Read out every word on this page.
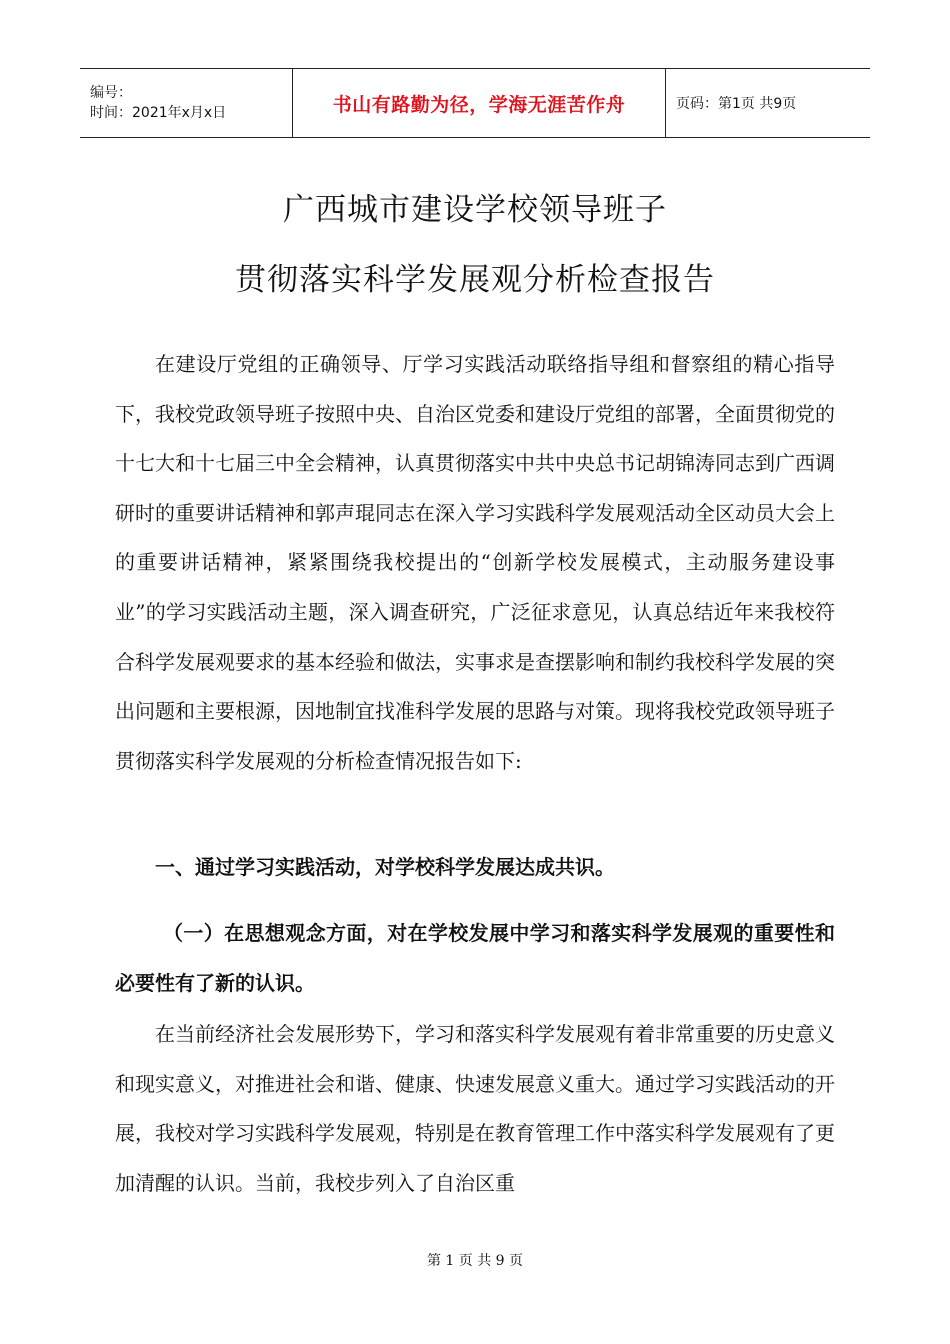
编号：
时间：2021年x月x日	书山有路勤为径，学海无涯苦作舟	页码：第1页 共9页
广西城市建设学校领导班子
贯彻落实科学发展观分析检查报告

在建设厅党组的正确领导、厅学习实践活动联络指导组和督察组的精心指导下，我校党政领导班子按照中央、自治区党委和建设厅党组的部署，全面贯彻党的十七大和十七届三中全会精神，认真贯彻落实中共中央总书记胡锦涛同志到广西调研时的重要讲话精神和郭声琨同志在深入学习实践科学发展观活动全区动员大会上的重要讲话精神，紧紧围绕我校提出的“创新学校发展模式，主动服务建设事业”的学习实践活动主题，深入调查研究，广泛征求意见，认真总结近年来我校符合科学发展观要求的基本经验和做法，实事求是查摆影响和制约我校科学发展的突出问题和主要根源，因地制宜找准科学发展的思路与对策。现将我校党政领导班子贯彻落实科学发展观的分析检查情况报告如下:

一、通过学习实践活动，对学校科学发展达成共识。

（一）在思想观念方面，对在学校发展中学习和落实科学发展观的重要性和必要性有了新的认识。

在当前经济社会发展形势下，学习和落实科学发展观有着非常重要的历史意义和现实意义，对推进社会和谐、健康、快速发展意义重大。通过学习实践活动的开展，我校对学习实践科学发展观，特别是在教育管理工作中落实科学发展观有了更加清醒的认识。当前，我校步列入了自治区重

第 1 页 共 9 页
